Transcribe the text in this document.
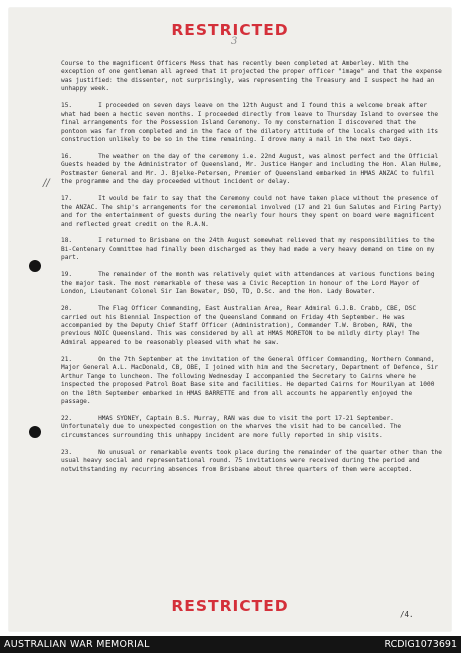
RESTRICTED
3
//
Course to the magnificent Officers Mess that has recently been completed at Amberley. With the exception of one gentleman all agreed that it projected the proper officer "image" and that the expense was justified: the dissenter, not surprisingly, was representing the Treasury and I suspect he had an unhappy week.
15.	I proceeded on seven days leave on the 12th August and I found this a welcome break after what had been a hectic seven months. I proceeded directly from leave to Thursday Island to oversee the final arrangements for the Possession Island Ceremony. To my consternation I discovered that the pontoon was far from completed and in the face of the dilatory attitude of the locals charged with its construction unlikely to be so in the time remaining. I drove many a nail in the next two days.
16.	The weather on the day of the ceremony i.e. 22nd August, was almost perfect and the Official Guests headed by the Administrator of Queensland, Mr. Justice Hanger and including the Hon. Alan Hulme, Postmaster General and Mr. J. Bjelke-Petersen, Premier of Queensland embarked in HMAS ANZAC to fulfil the programme and the day proceeded without incident or delay.
17.	It would be fair to say that the Ceremony could not have taken place without the presence of the ANZAC. The ship's arrangements for the ceremonial involved (17 and 21 Gun Salutes and Firing Party) and for the entertainment of guests during the nearly four hours they spent on board were magnificent and reflected great credit on the R.A.N.
18.	I returned to Brisbane on the 24th August somewhat relieved that my responsibilities to the Bi-Centenary Committee had finally been discharged as they had made a very heavy demand on time on my part.
19.	The remainder of the month was relatively quiet with attendances at various functions being the major task. The most remarkable of these was a Civic Reception in honour of the Lord Mayor of London, Lieutenant Colonel Sir Ian Bowater, DSO, TD, D.Sc. and the Hon. Lady Bowater.
20.	The Flag Officer Commanding, East Australian Area, Rear Admiral G.J.B. Crabb, CBE, DSC carried out his Biennial Inspection of the Queensland Command on Friday 4th September. He was accompanied by the Deputy Chief Staff Officer (Administration), Commander T.W. Broben, RAN, the previous NOIC Queensland. This was considered by all at HMAS MORETON to be mildly dirty play! The Admiral appeared to be reasonably pleased with what he saw.
21.	On the 7th September at the invitation of the General Officer Commanding, Northern Command, Major General A.L. MacDonald, CB, OBE, I joined with him and the Secretary, Department of Defence, Sir Arthur Tange to luncheon. The following Wednesday I accompanied the Secretary to Cairns where he inspected the proposed Patrol Boat Base site and facilities. He departed Cairns for Mourilyan at 1000 on the 10th September embarked in HMAS BARRETTE and from all accounts he apparently enjoyed the passage.
22.	HMAS SYDNEY, Captain B.S. Murray, RAN was due to visit the port 17-21 September. Unfortunately due to unexpected congestion on the wharves the visit had to be cancelled. The circumstances surrounding this unhappy incident are more fully reported in ship visits.
23.	No unusual or remarkable events took place during the remainder of the quarter other than the usual heavy social and representational round. 75 invitations were received during the period and notwithstanding my recurring absences from Brisbane about three quarters of them were accepted.
/4.
RESTRICTED
AUSTRALIAN WAR MEMORIAL	RCDIG1073691
